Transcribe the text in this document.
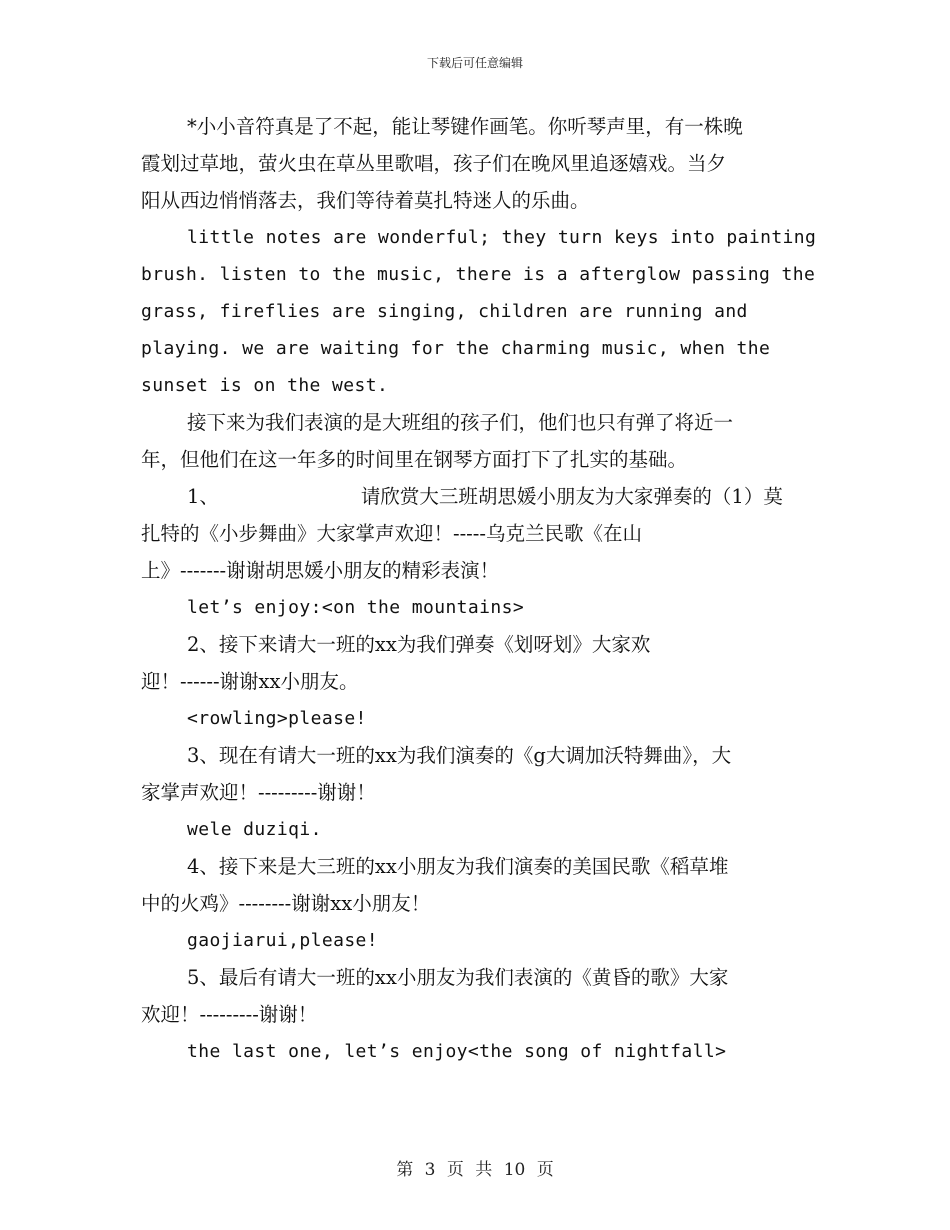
下载后可任意编辑
*小小音符真是了不起，能让琴键作画笔。你听琴声里，有一株晚
霞划过草地，萤火虫在草丛里歌唱，孩子们在晚风里追逐嬉戏。当夕
阳从西边悄悄落去，我们等待着莫扎特迷人的乐曲。
little notes are wonderful; they turn keys into painting
brush. listen to the music, there is a afterglow passing the
grass, fireflies are singing, children are running and
playing. we are waiting for the charming music, when the
sunset is on the west.
接下来为我们表演的是大班组的孩子们，他们也只有弹了将近一
年，但他们在这一年多的时间里在钢琴方面打下了扎实的基础。
1、	请欣赏大三班胡思媛小朋友为大家弹奏的（1）莫
扎特的《小步舞曲》大家掌声欢迎！-----乌克兰民歌《在山
上》-------谢谢胡思媛小朋友的精彩表演！
let’s enjoy:<on the mountains>
2、接下来请大一班的xx为我们弹奏《划呀划》大家欢
迎！------谢谢xx小朋友。
<rowling>please!
3、现在有请大一班的xx为我们演奏的《g大调加沃特舞曲》，大
家掌声欢迎！---------谢谢！
wele duziqi.
4、接下来是大三班的xx小朋友为我们演奏的美国民歌《稻草堆
中的火鸡》--------谢谢xx小朋友！
gaojiarui,please!
5、最后有请大一班的xx小朋友为我们表演的《黄昏的歌》大家
欢迎！---------谢谢！
the last one, let’s enjoy<the song of nightfall>
第 3 页 共 10 页
